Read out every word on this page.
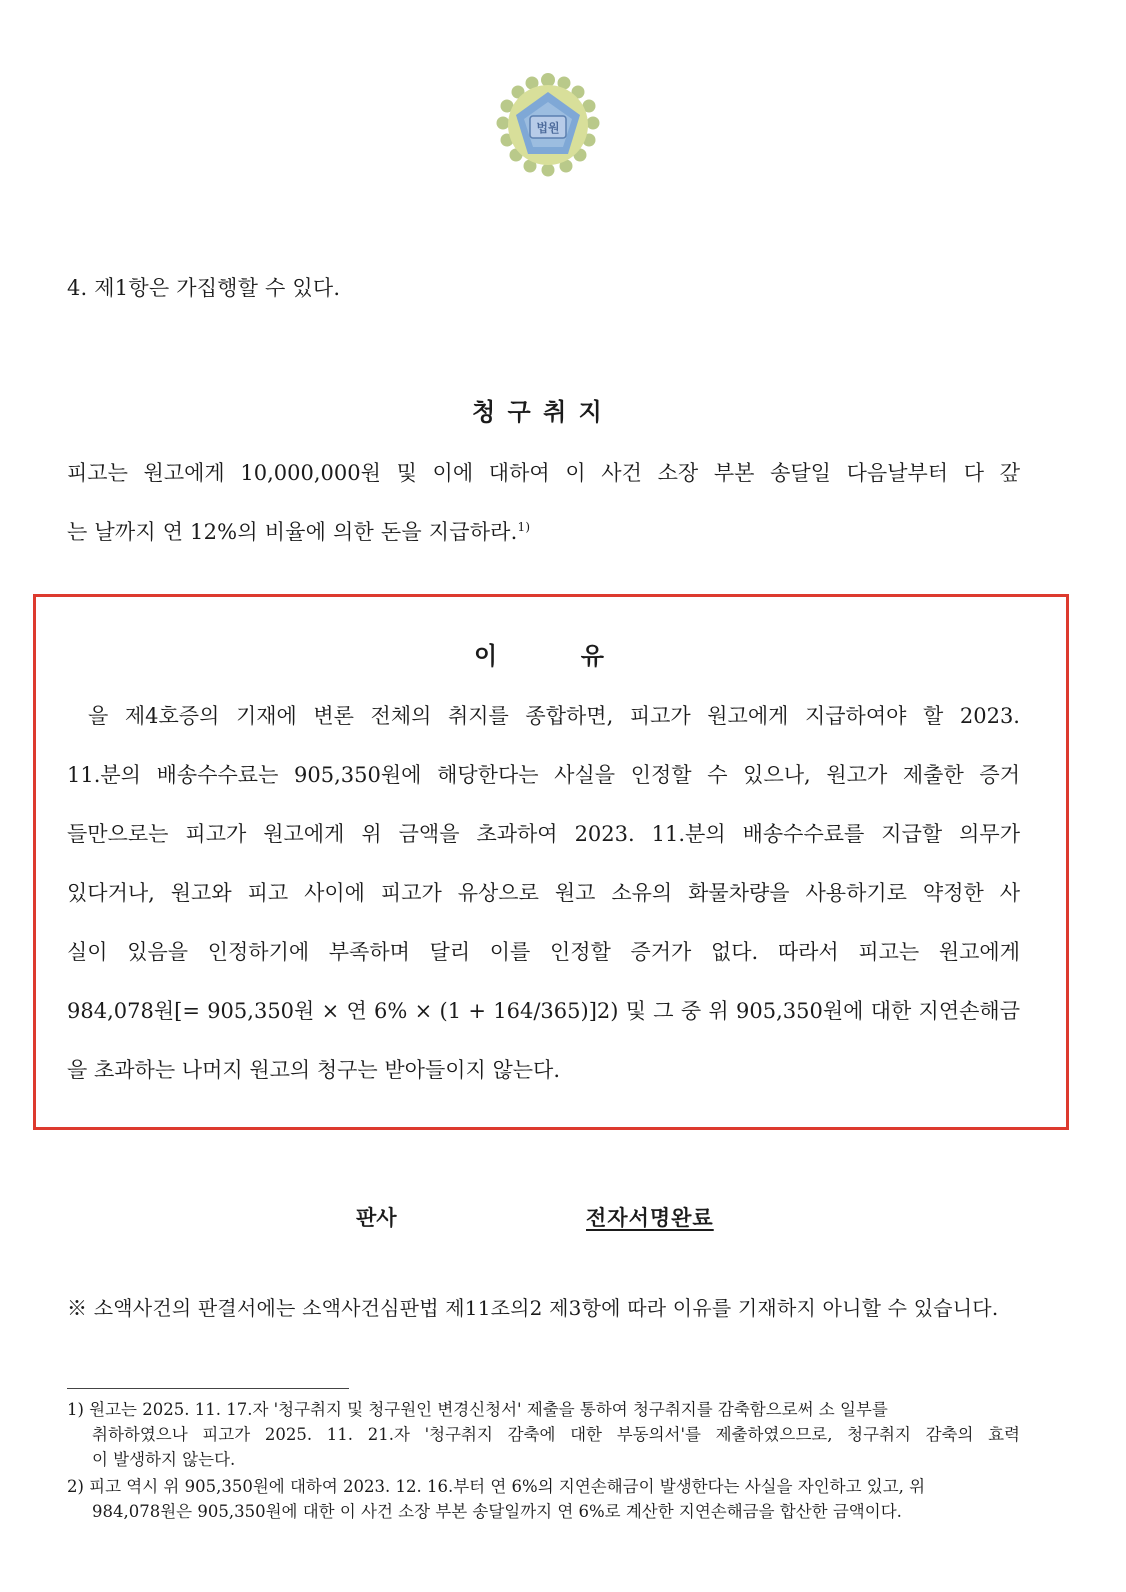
법원
4. 제1항은 가집행할 수 있다.
청 구 취 지
피고는 원고에게 10,000,000원 및 이에 대하여 이 사건 소장 부본 송달일 다음날부터 다 갚
는 날까지 연 12%의 비율에 의한 돈을 지급하라.$^{1)}$
이          유
을 제4호증의 기재에 변론 전체의 취지를 종합하면, 피고가 원고에게 지급하여야 할 2023.
11.분의 배송수수료는 905,350원에 해당한다는 사실을 인정할 수 있으나, 원고가 제출한 증거
들만으로는 피고가 원고에게 위 금액을 초과하여 2023. 11.분의 배송수수료를 지급할 의무가
있다거나, 원고와 피고 사이에 피고가 유상으로 원고 소유의 화물차량을 사용하기로 약정한 사
실이 있음을 인정하기에 부족하며 달리 이를 인정할 증거가 없다. 따라서 피고는 원고에게
984,078원[= 905,350원 × 연 6% × (1 + 164/365)]2) 및 그 중 위 905,350원에 대한 지연손해금
을 초과하는 나머지 원고의 청구는 받아들이지 않는다.
판사	전자서명완료
※ 소액사건의 판결서에는 소액사건심판법 제11조의2 제3항에 따라 이유를 기재하지 아니할 수 있습니다.
1) 원고는 2025. 11. 17.자 '청구취지 및 청구원인 변경신청서' 제출을 통하여 청구취지를 감축함으로써 소 일부를
취하하였으나 피고가 2025. 11. 21.자 '청구취지 감축에 대한 부동의서'를 제출하였으므로, 청구취지 감축의 효력
이 발생하지 않는다.
2) 피고 역시 위 905,350원에 대하여 2023. 12. 16.부터 연 6%의 지연손해금이 발생한다는 사실을 자인하고 있고, 위
984,078원은 905,350원에 대한 이 사건 소장 부본 송달일까지 연 6%로 계산한 지연손해금을 합산한 금액이다.
